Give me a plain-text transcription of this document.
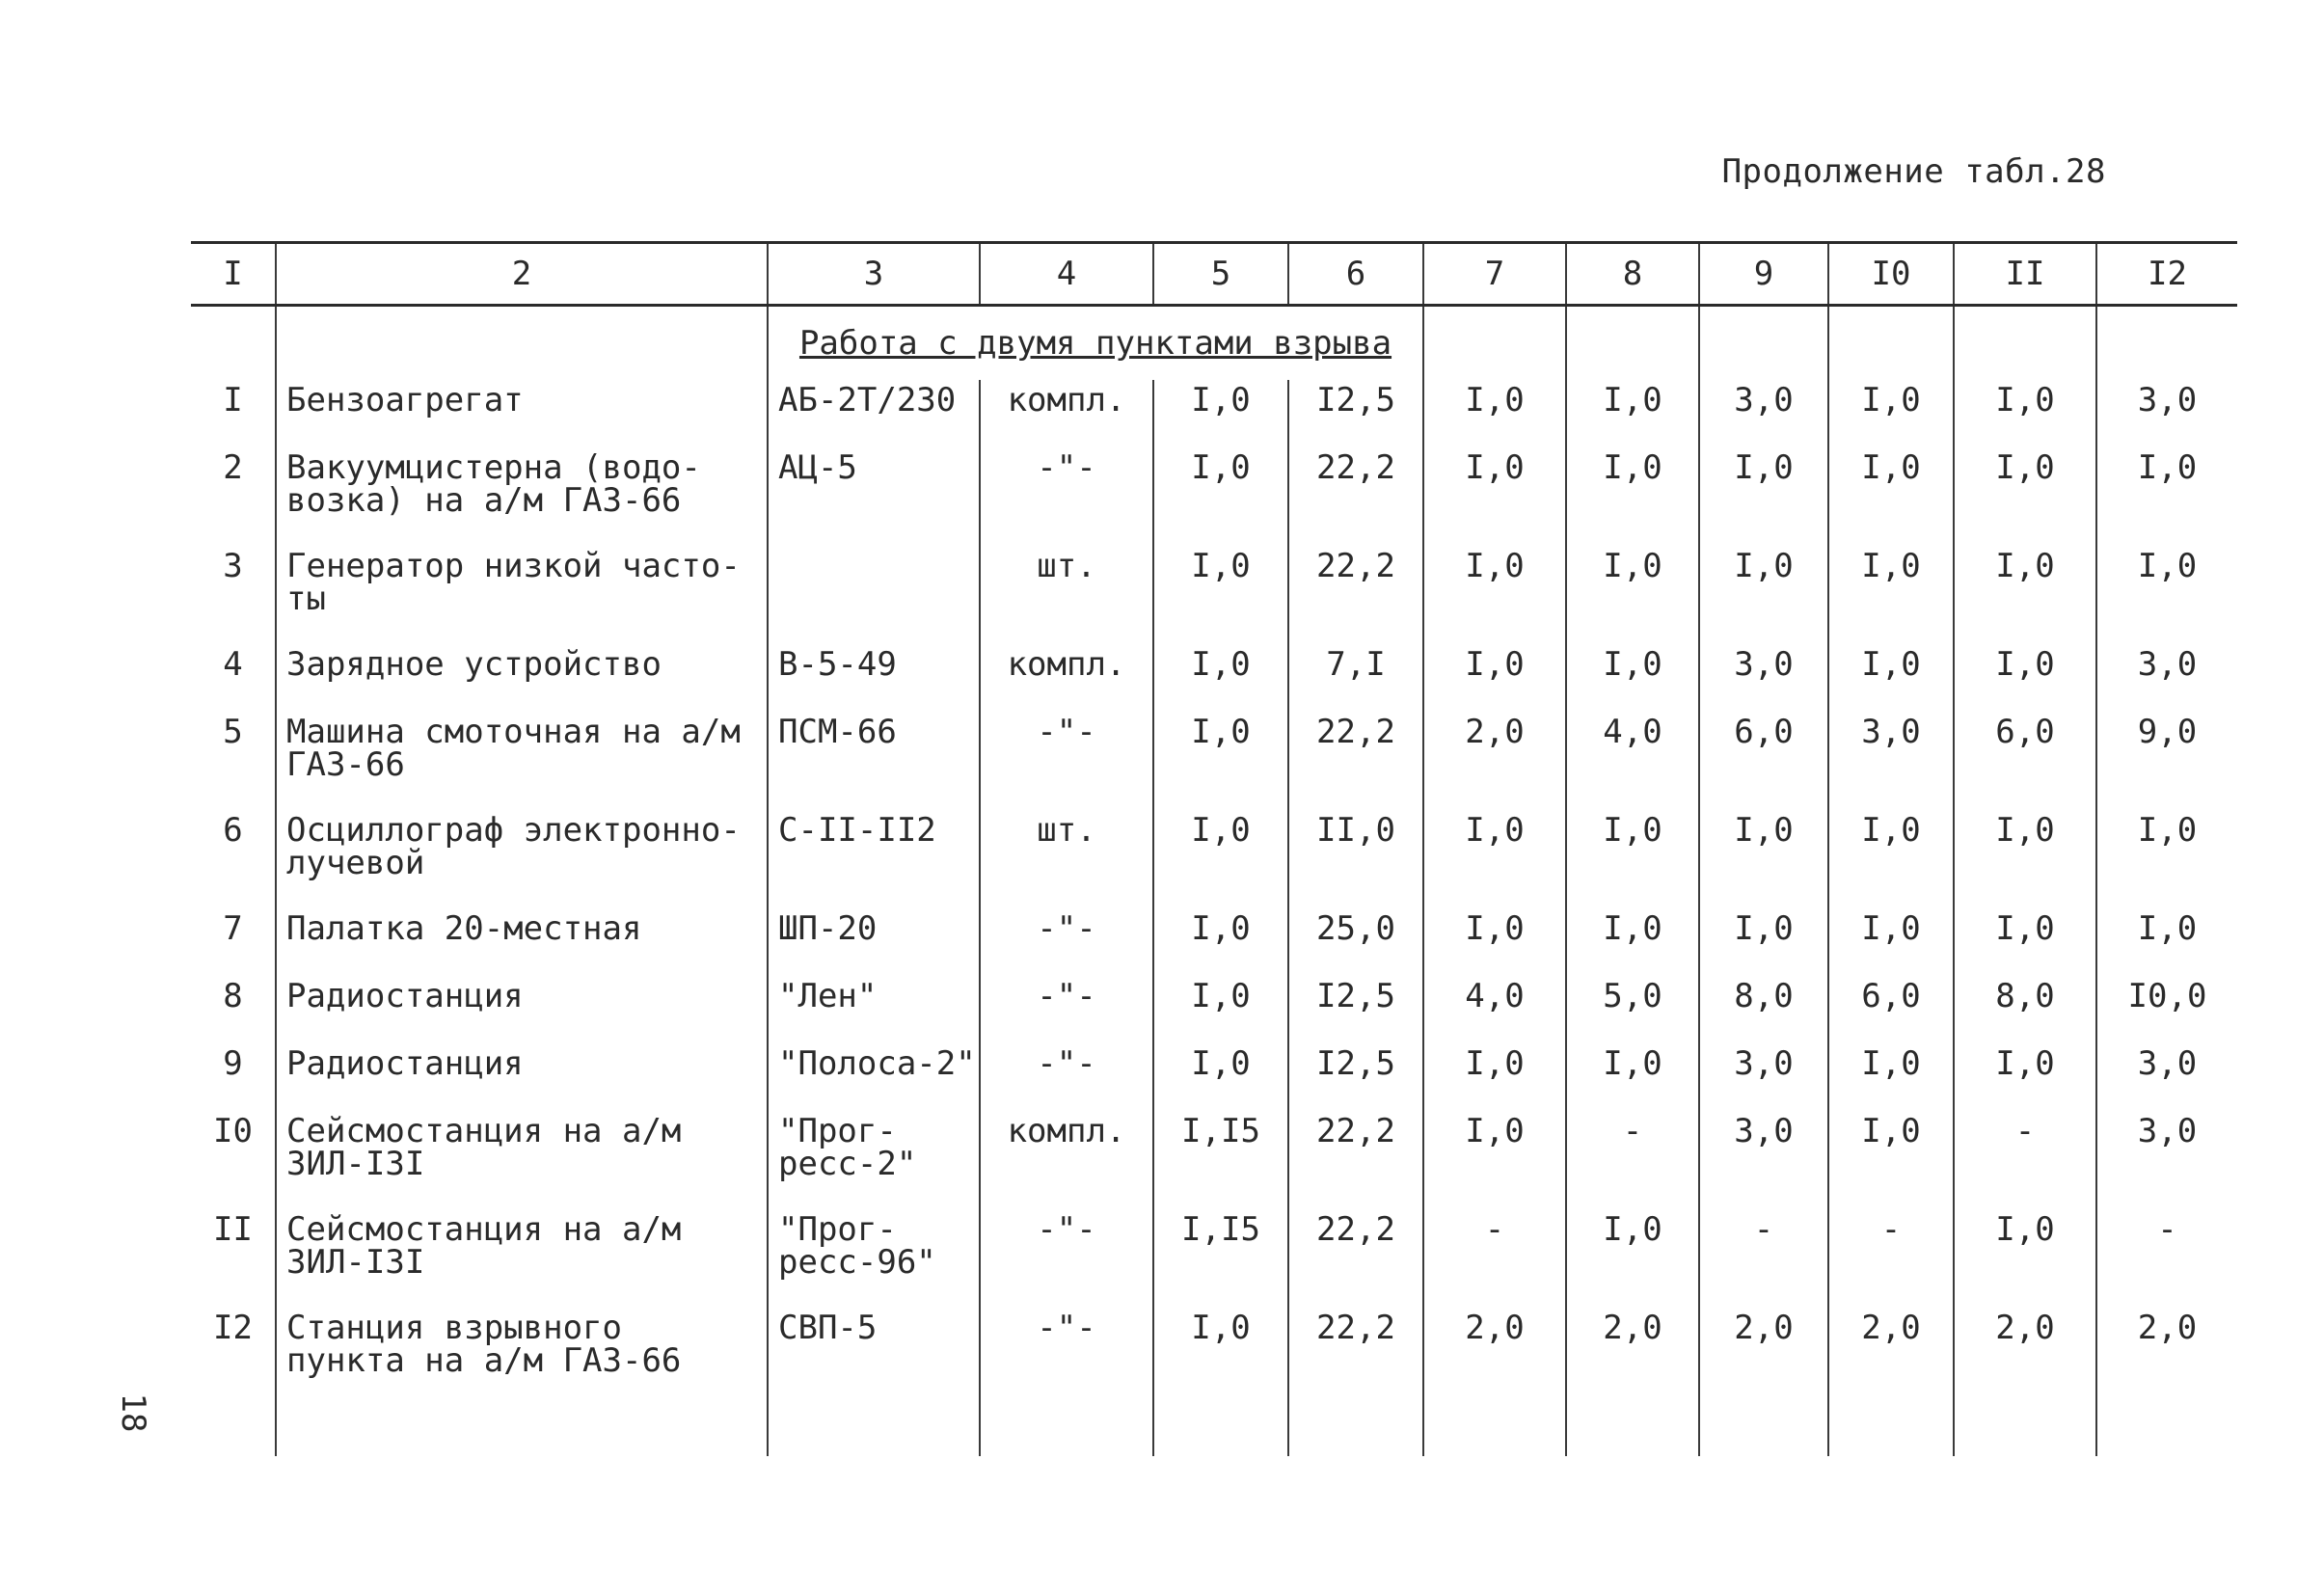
Продолжение табл.28
I	2	3	4	5	6	7	8	9	I0	II	I2
		Работа с двумя пунктами взрыва									
I	Бензоагрегат	АБ-2Т/230	компл.	I,0	I2,5	I,0	I,0	3,0	I,0	I,0	3,0
2	Вакуумцистерна (водо-возка) на а/м ГАЗ-66	АЦ-5	-"-	I,0	22,2	I,0	I,0	I,0	I,0	I,0	I,0
3	Генератор низкой часто-ты		шт.	I,0	22,2	I,0	I,0	I,0	I,0	I,0	I,0
4	Зарядное устройство	В-5-49	компл.	I,0	7,I	I,0	I,0	3,0	I,0	I,0	3,0
5	Машина смоточная на а/м ГАЗ-66	ПСМ-66	-"-	I,0	22,2	2,0	4,0	6,0	3,0	6,0	9,0
6	Осциллограф электронно-лучевой	С-II-II2	шт.	I,0	II,0	I,0	I,0	I,0	I,0	I,0	I,0
7	Палатка 20-местная	ШП-20	-"-	I,0	25,0	I,0	I,0	I,0	I,0	I,0	I,0
8	Радиостанция	"Лен"	-"-	I,0	I2,5	4,0	5,0	8,0	6,0	8,0	I0,0
9	Радиостанция	"Полоса-2"	-"-	I,0	I2,5	I,0	I,0	3,0	I,0	I,0	3,0
I0	Сейсмостанция на а/м ЗИЛ-I3I	"Прог-ресс-2"	компл.	I,I5	22,2	I,0	-	3,0	I,0	-	3,0
II	Сейсмостанция на а/м ЗИЛ-I3I	"Прог-ресс-96"	-"-	I,I5	22,2	-	I,0	-	-	I,0	-
I2	Станция взрывного пункта на а/м ГАЗ-66	СВП-5	-"-	I,0	22,2	2,0	2,0	2,0	2,0	2,0	2,0
18
